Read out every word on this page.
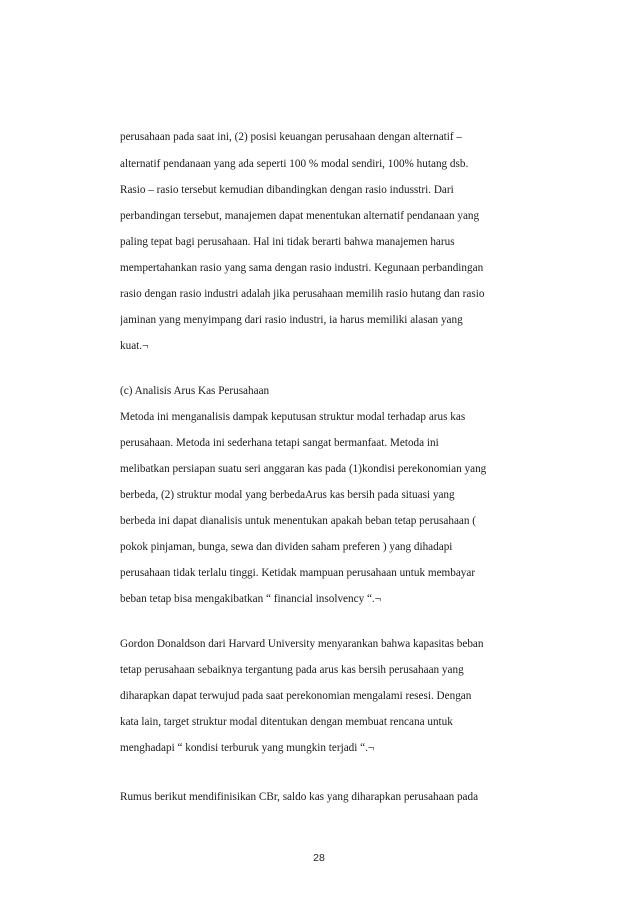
perusahaan pada saat ini, (2) posisi keuangan perusahaan dengan alternatif –
alternatif pendanaan yang ada seperti 100 % modal sendiri, 100% hutang dsb.
Rasio – rasio tersebut kemudian dibandingkan dengan rasio indusstri. Dari
perbandingan tersebut, manajemen dapat menentukan alternatif pendanaan yang
paling tepat bagi perusahaan. Hal ini tidak berarti bahwa manajemen harus
mempertahankan rasio yang sama dengan rasio industri. Kegunaan perbandingan
rasio dengan rasio industri adalah jika perusahaan memilih rasio hutang dan rasio
jaminan yang menyimpang dari rasio industri, ia harus memiliki alasan yang
kuat.¬
(c) Analisis Arus Kas Perusahaan
Metoda ini menganalisis dampak keputusan struktur modal terhadap arus kas
perusahaan. Metoda ini sederhana tetapi sangat bermanfaat. Metoda ini
melibatkan persiapan suatu seri anggaran kas pada (1)kondisi perekonomian yang
berbeda, (2) struktur modal yang berbedaArus kas bersih pada situasi yang
berbeda ini dapat dianalisis untuk menentukan apakah beban tetap perusahaan (
pokok pinjaman, bunga, sewa dan dividen saham preferen ) yang dihadapi
perusahaan tidak terlalu tinggi. Ketidak mampuan perusahaan untuk membayar
beban tetap bisa mengakibatkan “ financial insolvency “.¬
Gordon Donaldson dari Harvard University menyarankan bahwa kapasitas beban
tetap perusahaan sebaiknya tergantung pada arus kas bersih perusahaan yang
diharapkan dapat terwujud pada saat perekonomian mengalami resesi. Dengan
kata lain, target struktur modal ditentukan dengan membuat rencana untuk
menghadapi “ kondisi terburuk yang mungkin terjadi “.¬
Rumus berikut mendifinisikan CBr, saldo kas yang diharapkan perusahaan pada
28
